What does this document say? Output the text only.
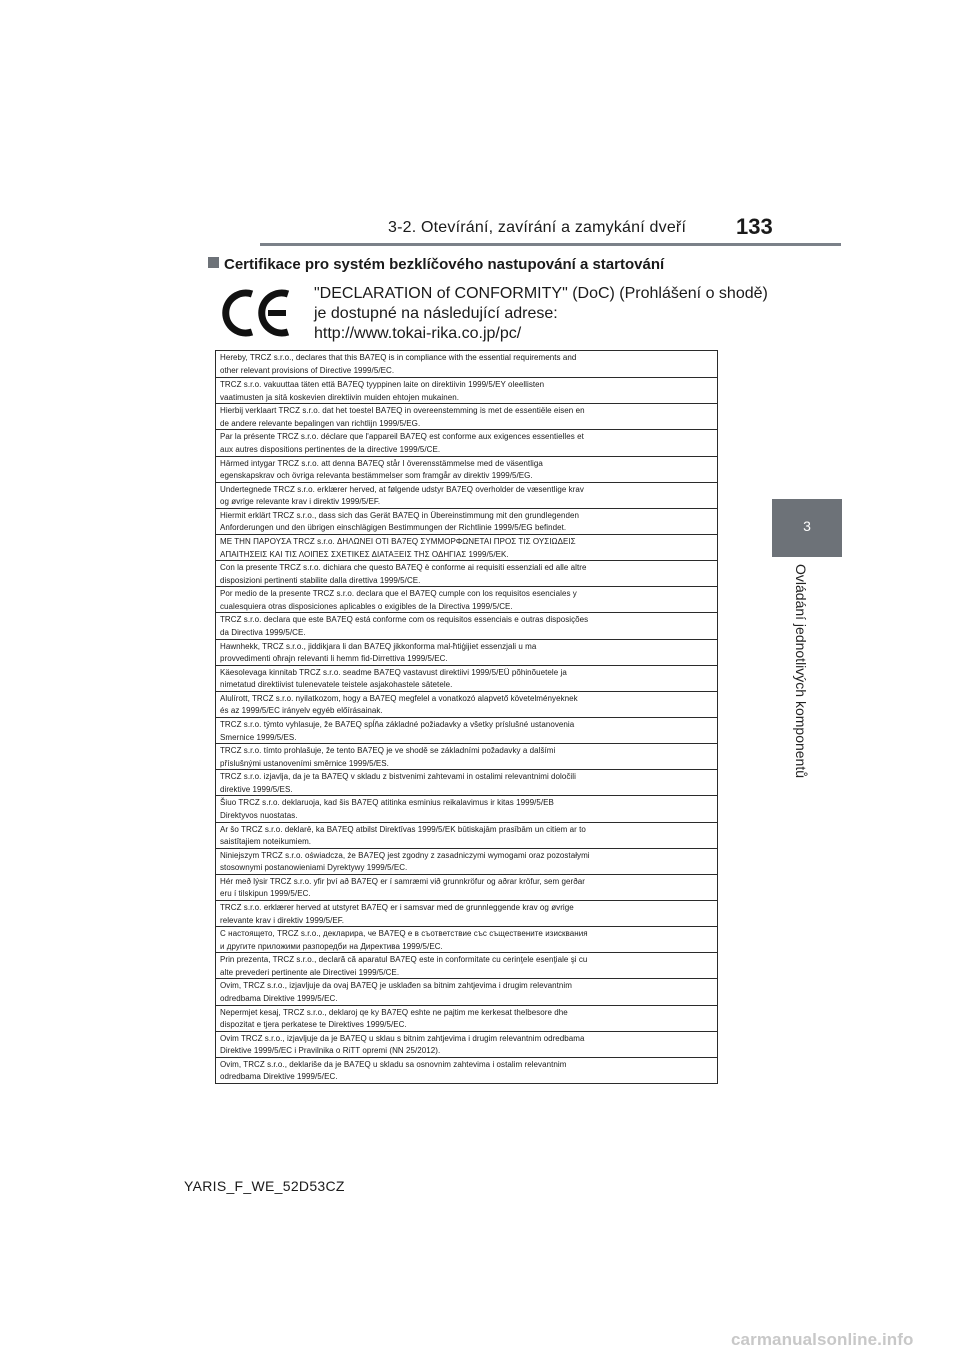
3-2. Otevírání, zavírání a zamykání dveří 133
3
Ovládání jednotlivých komponentů
Certifikace pro systém bezklíčového nastupování a startování
"DECLARATION of CONFORMITY" (DoC) (Prohlášení o shodě)
je dostupné na následující adrese:
http://www.tokai-rika.co.jp/pc/
Hereby, TRCZ s.r.o., declares that this BA7EQ is in compliance with the essential requirements and
other relevant provisions of Directive 1999/5/EC.
TRCZ s.r.o. vakuuttaa täten että BA7EQ tyyppinen laite on direktiivin 1999/5/EY oleellisten
vaatimusten ja sitä koskevien direktiivin muiden ehtojen mukainen.
Hierbij verklaart TRCZ s.r.o. dat het toestel BA7EQ in overeenstemming is met de essentiële eisen en
de andere relevante bepalingen van richtlijn 1999/5/EG.
Par la présente TRCZ s.r.o. déclare que l'appareil BA7EQ est conforme aux exigences essentielles et
aux autres dispositions pertinentes de la directive 1999/5/CE.
Härmed intygar TRCZ s.r.o. att denna BA7EQ står I överensstämmelse med de väsentliga
egenskapskrav och övriga relevanta bestämmelser som framgår av direktiv 1999/5/EG.
Undertegnede TRCZ s.r.o. erklærer herved, at følgende udstyr BA7EQ overholder de væsentlige krav
og øvrige relevante krav i direktiv 1999/5/EF.
Hiermit erklärt TRCZ s.r.o., dass sich das Gerät BA7EQ in Übereinstimmung mit den grundlegenden
Anforderungen und den übrigen einschlägigen Bestimmungen der Richtlinie 1999/5/EG befindet.
ΜΕ ΤΗΝ ΠΑΡΟΥΣΑ TRCZ s.r.o. ΔΗΛΩΝΕΙ ΟΤΙ BA7EQ ΣΥΜΜΟΡΦΩΝΕΤΑΙ ΠΡΟΣ ΤΙΣ ΟΥΣΙΩΔΕΙΣ
ΑΠΑΙΤΗΣΕΙΣ ΚΑΙ ΤΙΣ ΛΟΙΠΕΣ ΣΧΕΤΙΚΕΣ ΔΙΑΤΑΞΕΙΣ ΤΗΣ ΟΔΗΓΙΑΣ 1999/5/ΕΚ.
Con la presente TRCZ s.r.o. dichiara che questo BA7EQ è conforme ai requisiti essenziali ed alle altre
disposizioni pertinenti stabilite dalla direttiva 1999/5/CE.
Por medio de la presente TRCZ s.r.o. declara que el BA7EQ cumple con los requisitos esenciales y
cualesquiera otras disposiciones aplicables o exigibles de la Directiva 1999/5/CE.
TRCZ s.r.o. declara que este BA7EQ está conforme com os requisitos essenciais e outras disposições
da Directiva 1999/5/CE.
Hawnhekk, TRCZ s.r.o., jiddikjara li dan BA7EQ jikkonforma mal-ħtiġijiet essenzjali u ma
provvedimenti oħrajn relevanti li hemm fid-Dirrettiva 1999/5/EC.
Käesolevaga kinnitab TRCZ s.r.o. seadme BA7EQ vastavust direktiivi 1999/5/EÜ põhinõuetele ja
nimetatud direktiivist tulenevatele teistele asjakohastele sätetele.
Alulírott, TRCZ s.r.o. nyilatkozom, hogy a BA7EQ megfelel a vonatkozó alapvető követelményeknek
és az 1999/5/EC irányelv egyéb előírásainak.
TRCZ s.r.o. týmto vyhlasuje, že BA7EQ spĺňa základné požiadavky a všetky príslušné ustanovenia
Smernice 1999/5/ES.
TRCZ s.r.o. tímto prohlašuje, že tento BA7EQ je ve shodě se základními požadavky a dalšími
příslušnými ustanoveními směrnice 1999/5/ES.
TRCZ s.r.o. izjavlja, da je ta BA7EQ v skladu z bistvenimi zahtevami in ostalimi relevantnimi določili
direktive 1999/5/ES.
Šiuo TRCZ s.r.o. deklaruoja, kad šis BA7EQ atitinka esminius reikalavimus ir kitas 1999/5/EB
Direktyvos nuostatas.
Ar šo TRCZ s.r.o. deklarē, ka BA7EQ atbilst Direktīvas 1999/5/EK būtiskajām prasībām un citiem ar to
saistītajiem noteikumiem.
Niniejszym TRCZ s.r.o. oświadcza, że BA7EQ jest zgodny z zasadniczymi wymogami oraz pozostałymi
stosownymi postanowieniami Dyrektywy 1999/5/EC.
Hér með lýsir TRCZ s.r.o. yfir því að BA7EQ er í samræmi við grunnkröfur og aðrar kröfur, sem gerðar
eru í tilskipun 1999/5/EC.
TRCZ s.r.o. erklærer herved at utstyret BA7EQ er i samsvar med de grunnleggende krav og øvrige
relevante krav i direktiv 1999/5/EF.
С настоящето, TRCZ s.r.o., декларира, че BA7EQ е в съответствие със съществените изисквания
и другите приложими разпоредби на Директива 1999/5/ЕС.
Prin prezenta, TRCZ s.r.o., declară că aparatul BA7EQ este in conformitate cu cerinţele esenţiale şi cu
alte prevederi pertinente ale Directivei 1999/5/CE.
Ovim, TRCZ s.r.o., izjavljuje da ovaj BA7EQ je usklađen sa bitnim zahtjevima i drugim relevantnim
odredbama Direktive 1999/5/EC.
Nepermjet kesaj, TRCZ s.r.o., deklaroj qe ky BA7EQ eshte ne pajtim me kerkesat thelbesore dhe
dispozitat e tjera perkatese te Direktives 1999/5/EC.
Ovim TRCZ s.r.o., izjavljuje da je BA7EQ u sklau s bitnim zahtjevima i drugim relevantnim odredbama
Direktive 1999/5/EC i Pravilnika o RiTT opremi (NN 25/2012).
Ovim, TRCZ s.r.o., deklariše da je BA7EQ u skladu sa osnovnim zahtevima i ostalim relevantnim
odredbama Direktive 1999/5/EC.
YARIS_F_WE_52D53CZ
carmanualsonline.info
